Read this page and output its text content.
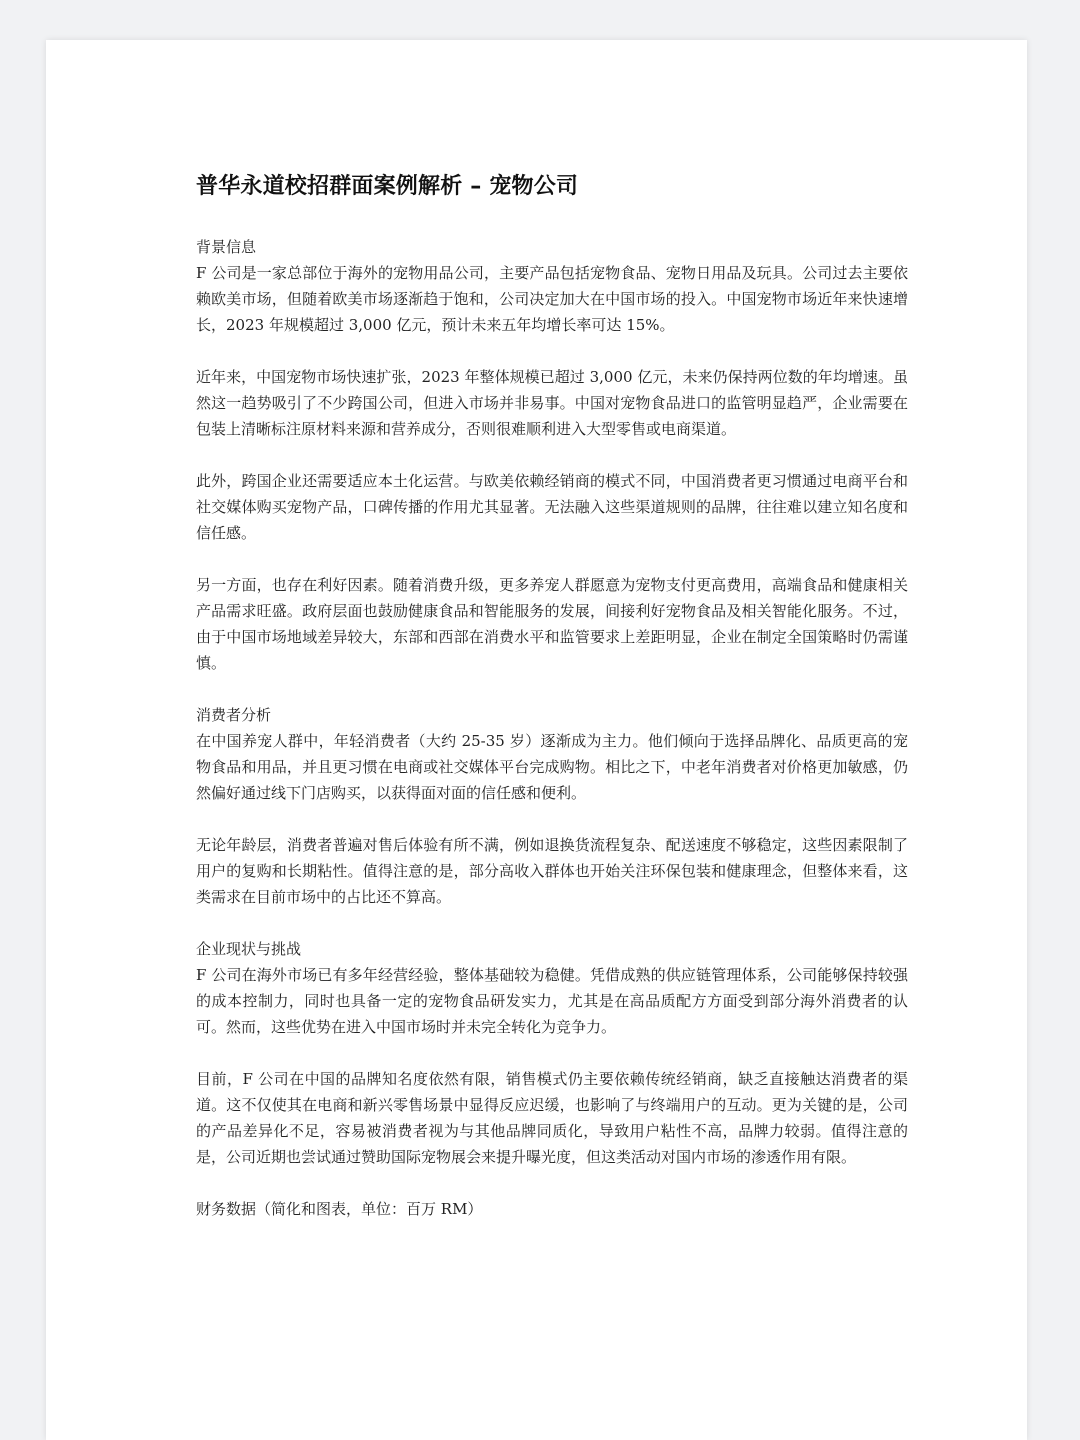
普华永道校招群面案例解析 – 宠物公司

背景信息

F 公司是一家总部位于海外的宠物用品公司，主要产品包括宠物食品、宠物日用品及玩具。公司过去主要依赖欧美市场，但随着欧美市场逐渐趋于饱和，公司决定加大在中国市场的投入。中国宠物市场近年来快速增长，2023 年规模超过 3,000 亿元，预计未来五年均增长率可达 15%。

近年来，中国宠物市场快速扩张，2023 年整体规模已超过 3,000 亿元，未来仍保持两位数的年均增速。虽然这一趋势吸引了不少跨国公司，但进入市场并非易事。中国对宠物食品进口的监管明显趋严，企业需要在包装上清晰标注原材料来源和营养成分，否则很难顺利进入大型零售或电商渠道。

此外，跨国企业还需要适应本土化运营。与欧美依赖经销商的模式不同，中国消费者更习惯通过电商平台和社交媒体购买宠物产品，口碑传播的作用尤其显著。无法融入这些渠道规则的品牌，往往难以建立知名度和信任感。

另一方面，也存在利好因素。随着消费升级，更多养宠人群愿意为宠物支付更高费用，高端食品和健康相关产品需求旺盛。政府层面也鼓励健康食品和智能服务的发展，间接利好宠物食品及相关智能化服务。不过，由于中国市场地域差异较大，东部和西部在消费水平和监管要求上差距明显，企业在制定全国策略时仍需谨慎。

消费者分析

在中国养宠人群中，年轻消费者（大约 25-35 岁）逐渐成为主力。他们倾向于选择品牌化、品质更高的宠物食品和用品，并且更习惯在电商或社交媒体平台完成购物。相比之下，中老年消费者对价格更加敏感，仍然偏好通过线下门店购买，以获得面对面的信任感和便利。

无论年龄层，消费者普遍对售后体验有所不满，例如退换货流程复杂、配送速度不够稳定，这些因素限制了用户的复购和长期粘性。值得注意的是，部分高收入群体也开始关注环保包装和健康理念，但整体来看，这类需求在目前市场中的占比还不算高。

企业现状与挑战

F 公司在海外市场已有多年经营经验，整体基础较为稳健。凭借成熟的供应链管理体系，公司能够保持较强的成本控制力，同时也具备一定的宠物食品研发实力，尤其是在高品质配方方面受到部分海外消费者的认可。然而，这些优势在进入中国市场时并未完全转化为竞争力。

目前，F 公司在中国的品牌知名度依然有限，销售模式仍主要依赖传统经销商，缺乏直接触达消费者的渠道。这不仅使其在电商和新兴零售场景中显得反应迟缓，也影响了与终端用户的互动。更为关键的是，公司的产品差异化不足，容易被消费者视为与其他品牌同质化，导致用户粘性不高，品牌力较弱。值得注意的是，公司近期也尝试通过赞助国际宠物展会来提升曝光度，但这类活动对国内市场的渗透作用有限。

财务数据（简化和图表，单位：百万 RM）
